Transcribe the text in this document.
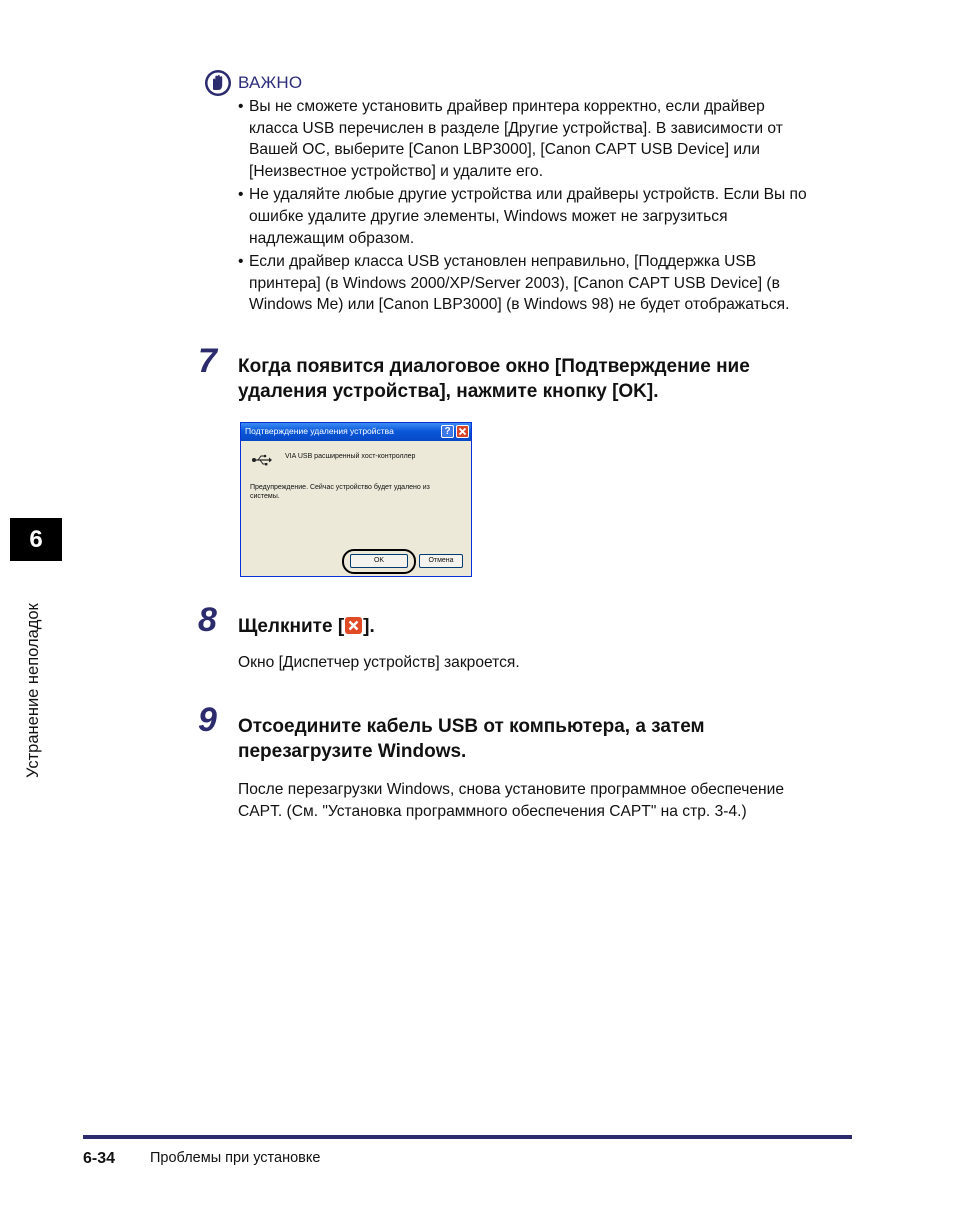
ВАЖНО
• Вы не сможете установить драйвер принтера корректно, если драйвер
класса USB перечислен в разделе [Другие устройства]. В зависимости от
Вашей ОС, выберите [Canon LBP3000], [Canon CAPT USB Device] или
[Неизвестное устройство] и удалите его.
• Не удаляйте любые другие устройства или драйверы устройств. Если Вы по
ошибке удалите другие элементы, Windows может не загрузиться
надлежащим образом.
• Если драйвер класса USB установлен неправильно, [Поддержка USB
принтера] (в Windows 2000/XP/Server 2003), [Canon CAPT USB Device] (в
Windows Me) или [Canon LBP3000] (в Windows 98) не будет отображаться.
7 Когда появится диалоговое окно [Подтверждение ние
удаления устройства], нажмите кнопку [OK].
Подтверждение удаления устройства	?
VIA USB расширенный хост-контроллер
Предупреждение. Сейчас устройство будет удалено из системы.
OK	Отмена
8 Щелкните [ ].
Окно [Диспетчер устройств] закроется.
9 Отсоедините кабель USB от компьютера, а затем
перезагрузите Windows.
После перезагрузки Windows, снова установите программное обеспечение
CAPT. (См. "Установка программного обеспечения CAPT" на стр. 3-4.)
6
Устранение неполадок
6-34 Проблемы при установке
